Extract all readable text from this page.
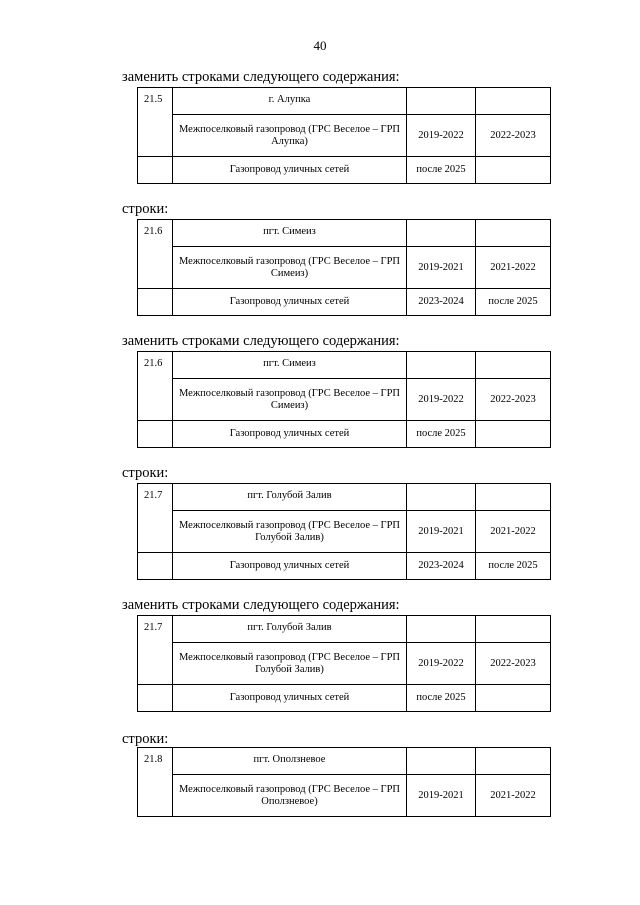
40
заменить строками следующего содержания:
21.5	г. Алупка		
	Межпоселковый газопровод (ГРС Веселое – ГРП Алупка)	2019-2022	2022-2023
	Газопровод уличных сетей	после 2025	
строки:
21.6	пгт. Симеиз		
	Межпоселковый газопровод (ГРС Веселое – ГРП Симеиз)	2019-2021	2021-2022
	Газопровод уличных сетей	2023-2024	после 2025
заменить строками следующего содержания:
21.6	пгт. Симеиз		
	Межпоселковый газопровод (ГРС Веселое – ГРП Симеиз)	2019-2022	2022-2023
	Газопровод уличных сетей	после 2025	
строки:
21.7	пгт. Голубой Залив		
	Межпоселковый газопровод (ГРС Веселое – ГРП Голубой Залив)	2019-2021	2021-2022
	Газопровод уличных сетей	2023-2024	после 2025
заменить строками следующего содержания:
21.7	пгт. Голубой Залив		
	Межпоселковый газопровод (ГРС Веселое – ГРП Голубой Залив)	2019-2022	2022-2023
	Газопровод уличных сетей	после 2025	
строки:
21.8	пгт. Оползневое		
	Межпоселковый газопровод (ГРС Веселое – ГРП Оползневое)	2019-2021	2021-2022
